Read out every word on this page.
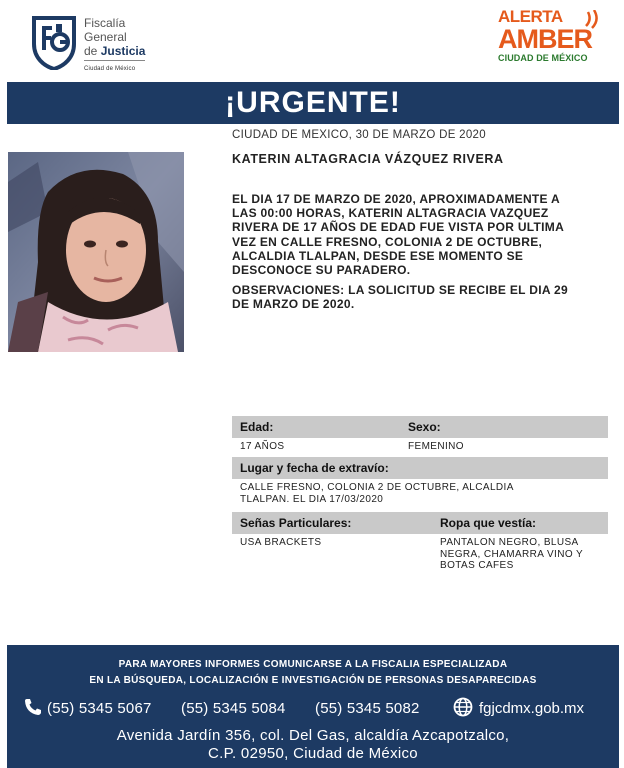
Fiscalía
General
de Justicia
Ciudad de México
ALERTA
AMBER
CIUDAD DE MÉXICO
¡URGENTE!
CIUDAD DE MEXICO, 30 DE MARZO DE 2020
KATERIN ALTAGRACIA VÁZQUEZ RIVERA
EL DIA 17 DE MARZO DE 2020, APROXIMADAMENTE A
LAS 00:00 HORAS, KATERIN ALTAGRACIA VAZQUEZ
RIVERA DE 17 AÑOS DE EDAD FUE VISTA POR ULTIMA
VEZ EN CALLE FRESNO, COLONIA 2 DE OCTUBRE,
ALCALDIA TLALPAN, DESDE ESE MOMENTO SE
DESCONOCE SU PARADERO.
OBSERVACIONES: LA SOLICITUD SE RECIBE EL DIA 29
DE MARZO DE 2020.
Edad:	Sexo:
17 AÑOS	FEMENINO
Lugar y fecha de extravío:
CALLE FRESNO, COLONIA 2 DE OCTUBRE, ALCALDIA
TLALPAN. EL DIA 17/03/2020
Señas Particulares:	Ropa que vestía:
USA BRACKETS	PANTALON NEGRO, BLUSA
NEGRA, CHAMARRA VINO Y
BOTAS CAFES
PARA MAYORES INFORMES COMUNICARSE A LA FISCALIA ESPECIALIZADA
EN LA BÚSQUEDA, LOCALIZACIÓN E INVESTIGACIÓN DE PERSONAS DESAPARECIDAS
(55) 5345 5067 (55) 5345 5084 (55) 5345 5082	fgjcdmx.gob.mx
Avenida Jardín 356, col. Del Gas, alcaldía Azcapotzalco,
C.P. 02950, Ciudad de México
